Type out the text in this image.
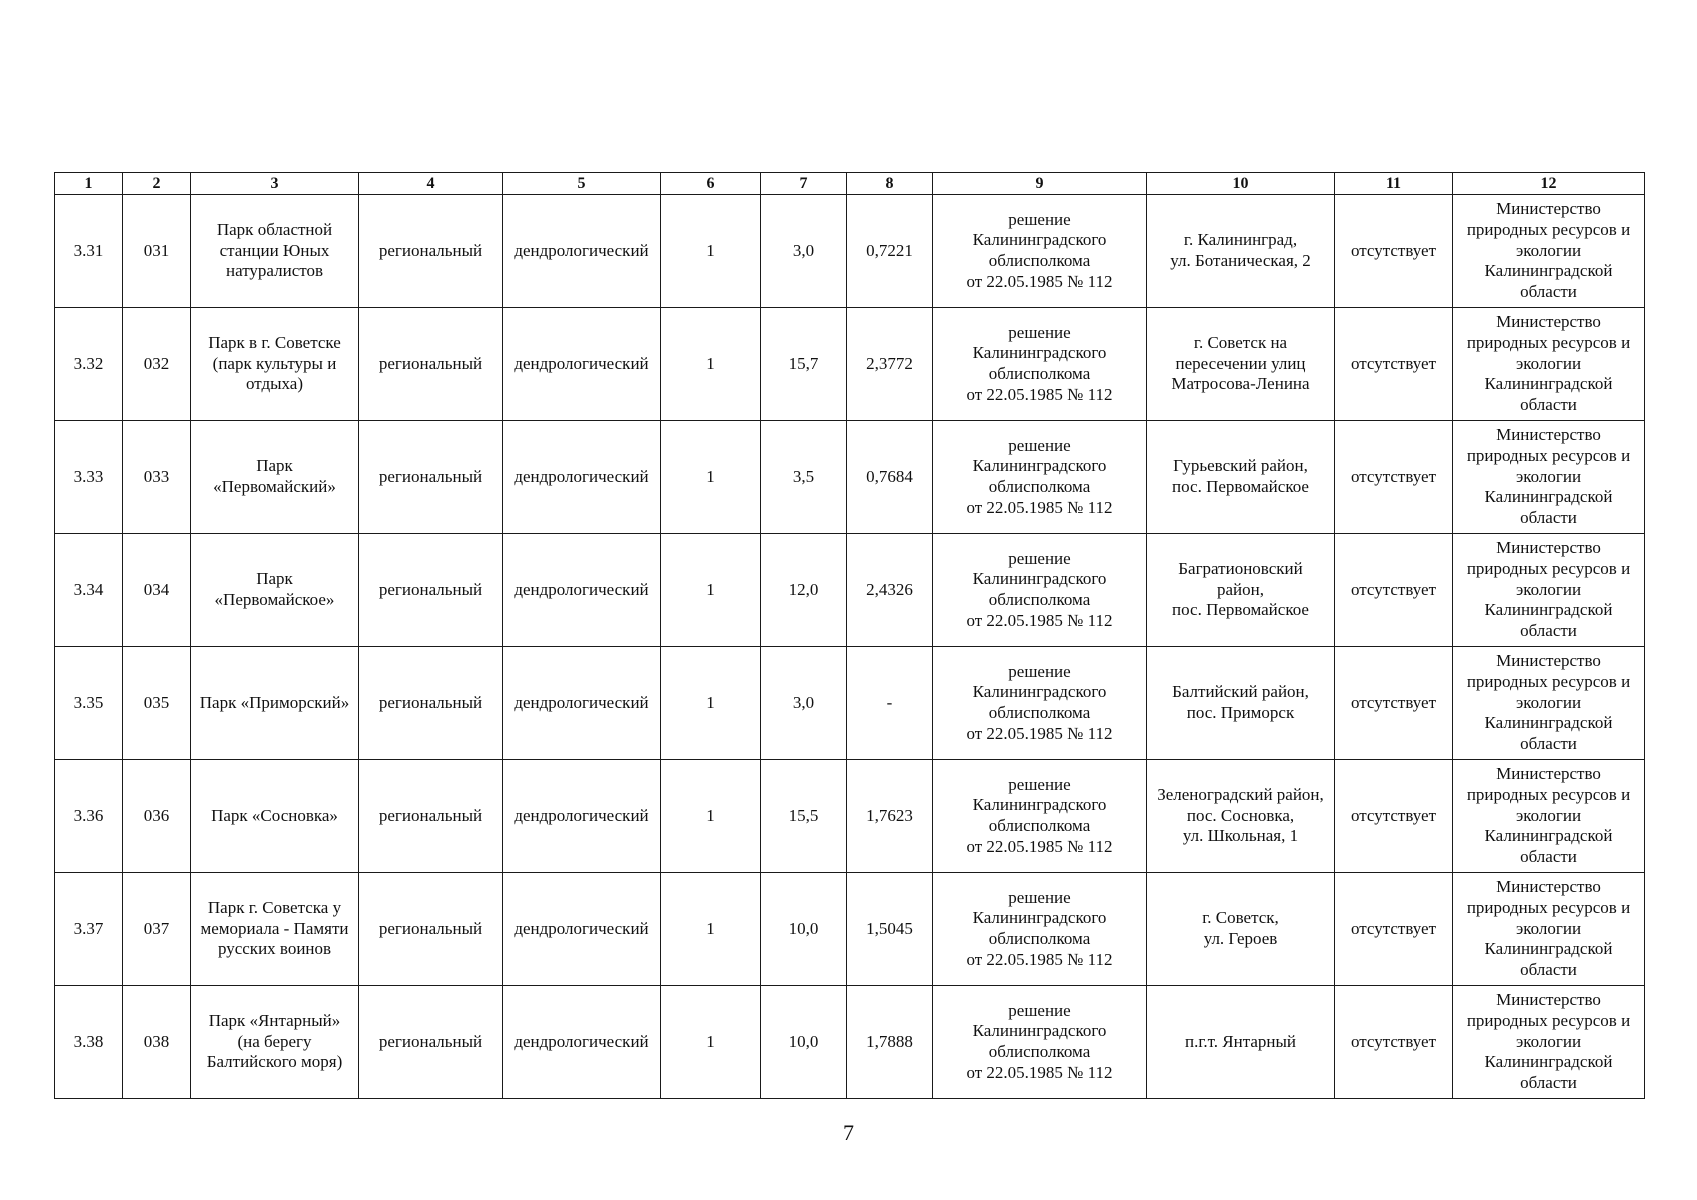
1	2	3	4	5	6	7	8	9	10	11	12
3.31	031	Парк областной
станции Юных
натуралистов	региональный	дендрологический	1	3,0	0,7221	решение
Калининградского
облисполкома
от 22.05.1985 № 112	г. Калининград,
ул. Ботаническая, 2	отсутствует	Министерство
природных ресурсов и
экологии
Калининградской
области
3.32	032	Парк в г. Советске
(парк культуры и
отдыха)	региональный	дендрологический	1	15,7	2,3772	решение
Калининградского
облисполкома
от 22.05.1985 № 112	г. Советск на
пересечении улиц
Матросова-Ленина	отсутствует	Министерство
природных ресурсов и
экологии
Калининградской
области
3.33	033	Парк
«Первомайский»	региональный	дендрологический	1	3,5	0,7684	решение
Калининградского
облисполкома
от 22.05.1985 № 112	Гурьевский район,
пос. Первомайское	отсутствует	Министерство
природных ресурсов и
экологии
Калининградской
области
3.34	034	Парк
«Первомайское»	региональный	дендрологический	1	12,0	2,4326	решение
Калининградского
облисполкома
от 22.05.1985 № 112	Багратионовский
район,
пос. Первомайское	отсутствует	Министерство
природных ресурсов и
экологии
Калининградской
области
3.35	035	Парк «Приморский»	региональный	дендрологический	1	3,0	-	решение
Калининградского
облисполкома
от 22.05.1985 № 112	Балтийский район,
пос. Приморск	отсутствует	Министерство
природных ресурсов и
экологии
Калининградской
области
3.36	036	Парк «Сосновка»	региональный	дендрологический	1	15,5	1,7623	решение
Калининградского
облисполкома
от 22.05.1985 № 112	Зеленоградский район,
пос. Сосновка,
ул. Школьная, 1	отсутствует	Министерство
природных ресурсов и
экологии
Калининградской
области
3.37	037	Парк г. Советска у
мемориала - Памяти
русских воинов	региональный	дендрологический	1	10,0	1,5045	решение
Калининградского
облисполкома
от 22.05.1985 № 112	г. Советск,
ул. Героев	отсутствует	Министерство
природных ресурсов и
экологии
Калининградской
области
3.38	038	Парк «Янтарный»
(на берегу
Балтийского моря)	региональный	дендрологический	1	10,0	1,7888	решение
Калининградского
облисполкома
от 22.05.1985 № 112	п.г.т. Янтарный	отсутствует	Министерство
природных ресурсов и
экологии
Калининградской
области
7
